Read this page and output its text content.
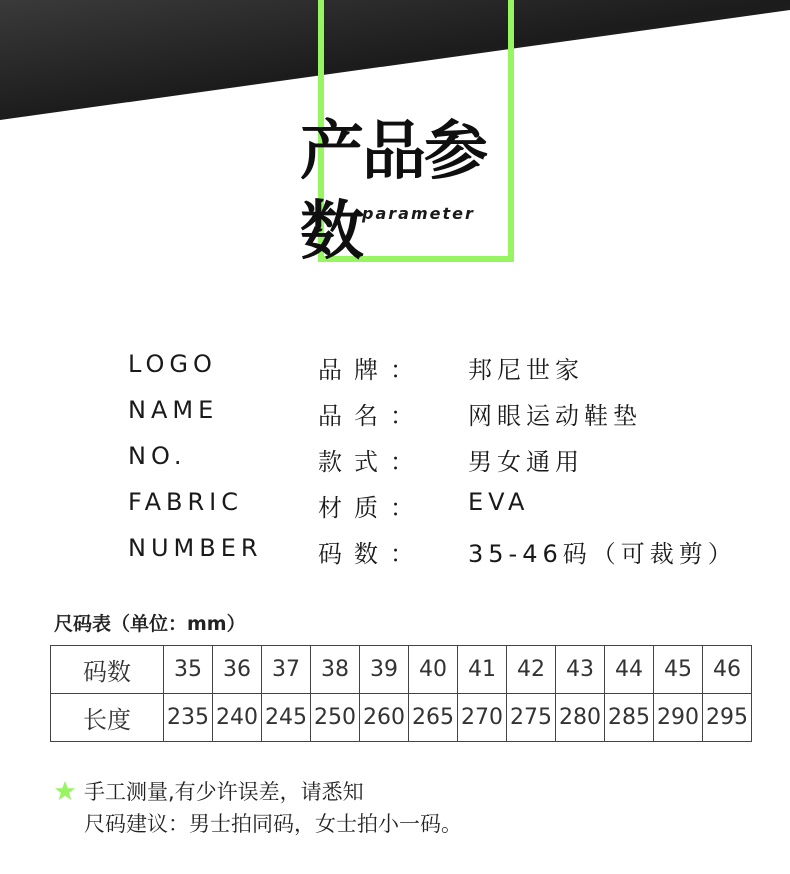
产品参数 parameter
LOGO	品牌： 邦尼世家
NAME	品名： 网眼运动鞋垫
NO.	款式： 男女通用
FABRIC	材质： EVA
NUMBER 码数： 35-46码（可裁剪）
尺码表（单位：mm）
码数	35	36	37	38	39	40	41	42	43	44	45	46
长度	235	240	245	250	260	265	270	275	280	285	290	295
手工测量,有少许误差，请悉知
尺码建议：男士拍同码，女士拍小一码。
